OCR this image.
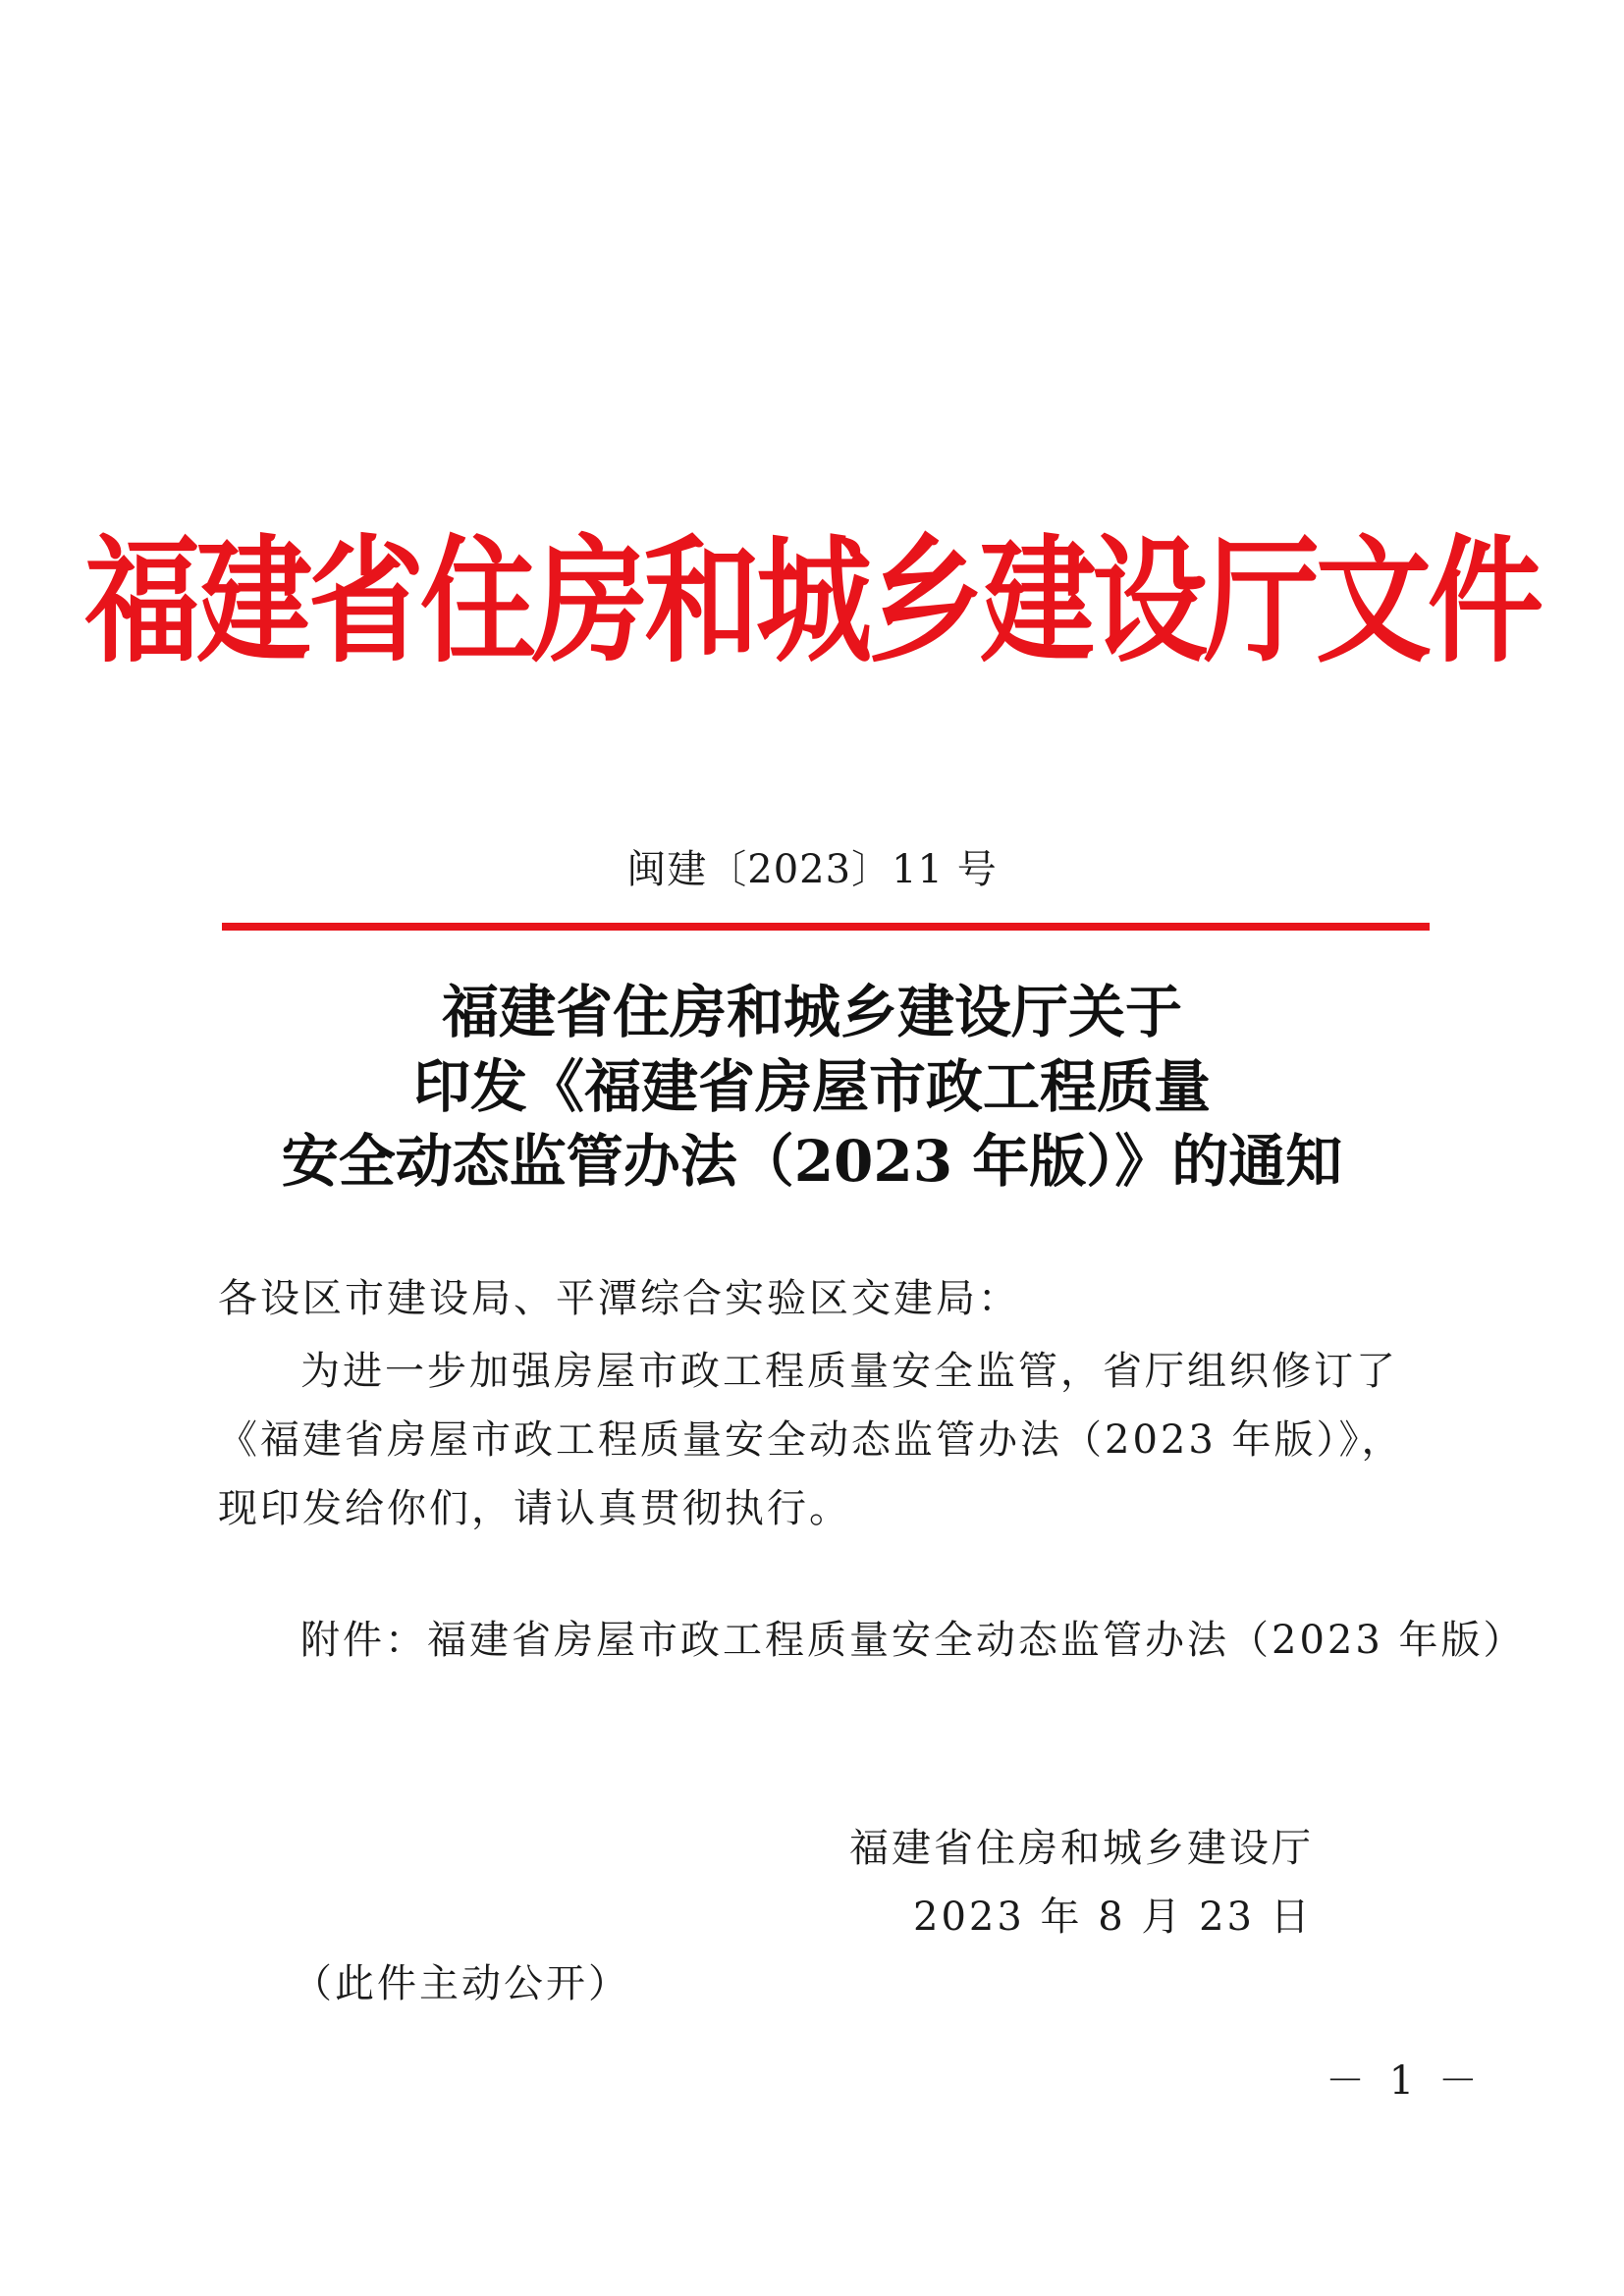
福建省住房和城乡建设厅文件
闽建〔2023〕11 号
福建省住房和城乡建设厅关于
印发《福建省房屋市政工程质量
安全动态监管办法（2023 年版）》的通知
各设区市建设局、平潭综合实验区交建局：
为进一步加强房屋市政工程质量安全监管，省厅组织修订了
《福建省房屋市政工程质量安全动态监管办法（2023 年版）》，
现印发给你们，请认真贯彻执行。
附件：福建省房屋市政工程质量安全动态监管办法（2023 年版）
福建省住房和城乡建设厅
2023 年 8 月 23 日
（此件主动公开）
－ 1 －
